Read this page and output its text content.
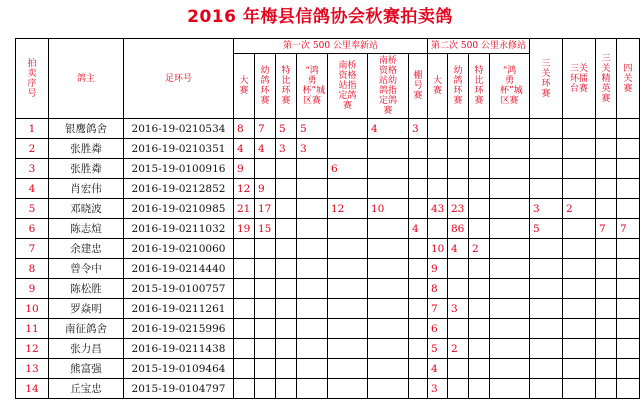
2016 年梅县信鸽协会秋赛拍卖鸽
拍卖序号	鸽主	足环号	第一次 500 公里奉新站							第二次 500 公里永修站				三关环赛	三关环擂台赛	三关精英赛	四关赛
			大赛	幼鸽环赛	特比环赛	“鸿勇杯”城区赛	南桥资格站指定鸽赛	南桥资格站幼鸽指定鸽赛	棚号赛	大赛	幼鸽环赛	特比环赛	“鸿勇杯”城区赛				
1	银鹰鸽舍	2016-19-0210534	8	7	5	5		4	3								
2	张胜粦	2016-19-0210351	4	4	3	3											
3	张胜粦	2015-19-0100916	9				6										
4	肖宏伟	2016-19-0212852	12	9													
5	邓晓波	2016-19-0210985	21	17			12	10		43	23			3	2		
6	陈志煊	2016-19-0211032	19	15					4		86			5		7	7
7	余建忠	2016-19-0210060								10	4	2					
8	曾令中	2016-19-0214440								9							
9	陈松胜	2015-19-0100757								8							
10	罗焱明	2016-19-0211261								7	3						
11	南征鸽舍	2016-19-0215996								6							
12	张力昌	2016-19-0211438								5	2						
13	熊富强	2015-19-0109464								4							
14	丘宝忠	2015-19-0104797								3							
